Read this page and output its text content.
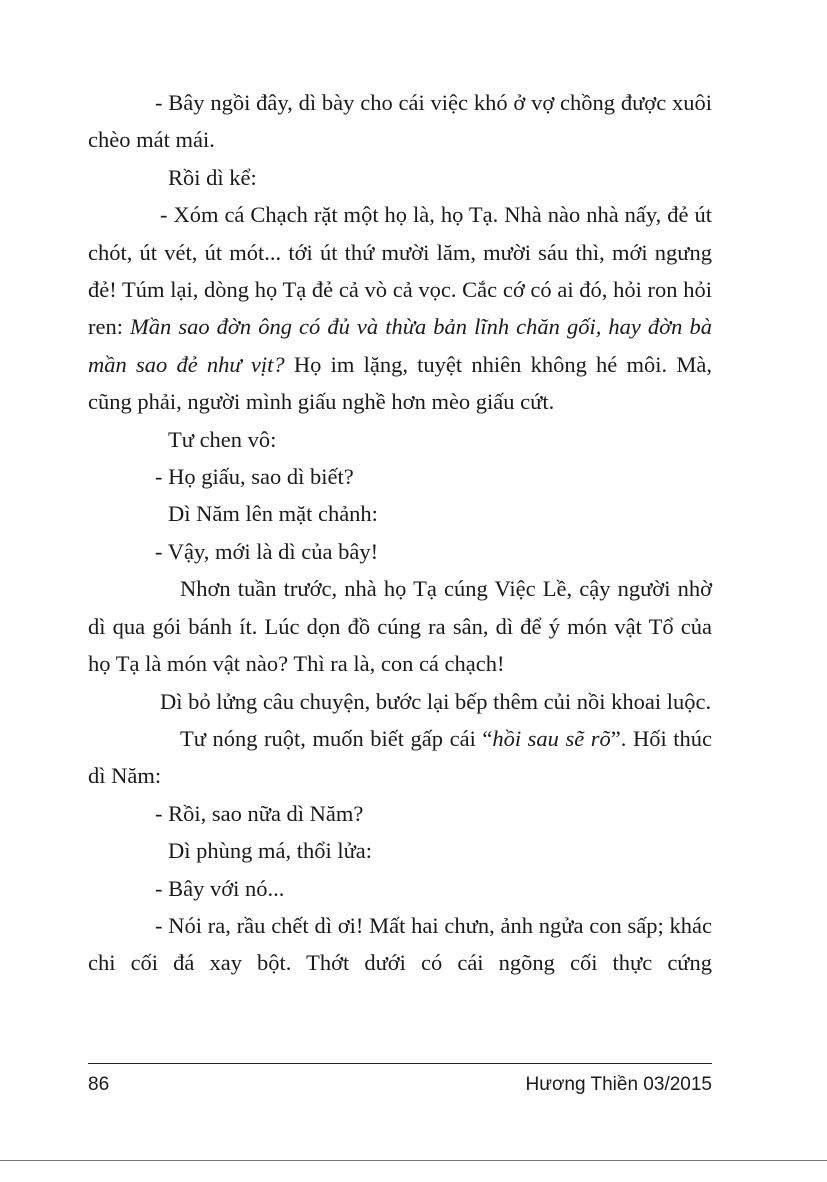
- Bây ngồi đây, dì bày cho cái việc khó ở vợ chồng được xuôi chèo mát mái.

Rồi dì kể:

- Xóm cá Chạch rặt một họ là, họ Tạ. Nhà nào nhà nấy, đẻ út chót, út vét, út mót... tới út thứ mười lăm, mười sáu thì, mới ngưng đẻ! Túm lại, dòng họ Tạ đẻ cả vò cả vọc. Cắc cớ có ai đó, hỏi ron hỏi ren: Mần sao đờn ông có đủ và thừa bản lĩnh chăn gối, hay đờn bà mần sao đẻ như vịt? Họ im lặng, tuyệt nhiên không hé môi. Mà, cũng phải, người mình giấu nghề hơn mèo giấu cứt.

Tư chen vô:

- Họ giấu, sao dì biết?

Dì Năm lên mặt chảnh:

- Vậy, mới là dì của bây!

Nhơn tuần trước, nhà họ Tạ cúng Việc Lề, cậy người nhờ dì qua gói bánh ít. Lúc dọn đồ cúng ra sân, dì để ý món vật Tổ của họ Tạ là món vật nào? Thì ra là, con cá chạch!

Dì bỏ lửng câu chuyện, bước lại bếp thêm củi nồi khoai luộc.

Tư nóng ruột, muốn biết gấp cái “hồi sau sẽ rõ”. Hối thúc dì Năm:

- Rồi, sao nữa dì Năm?

Dì phùng má, thổi lửa:

- Bây với nó...

- Nói ra, rầu chết dì ơi! Mất hai chưn, ảnh ngửa con sấp; khác chi cối đá xay bột. Thớt dưới có cái ngõng cối thực cứng

86	Hương Thiền 03/2015
